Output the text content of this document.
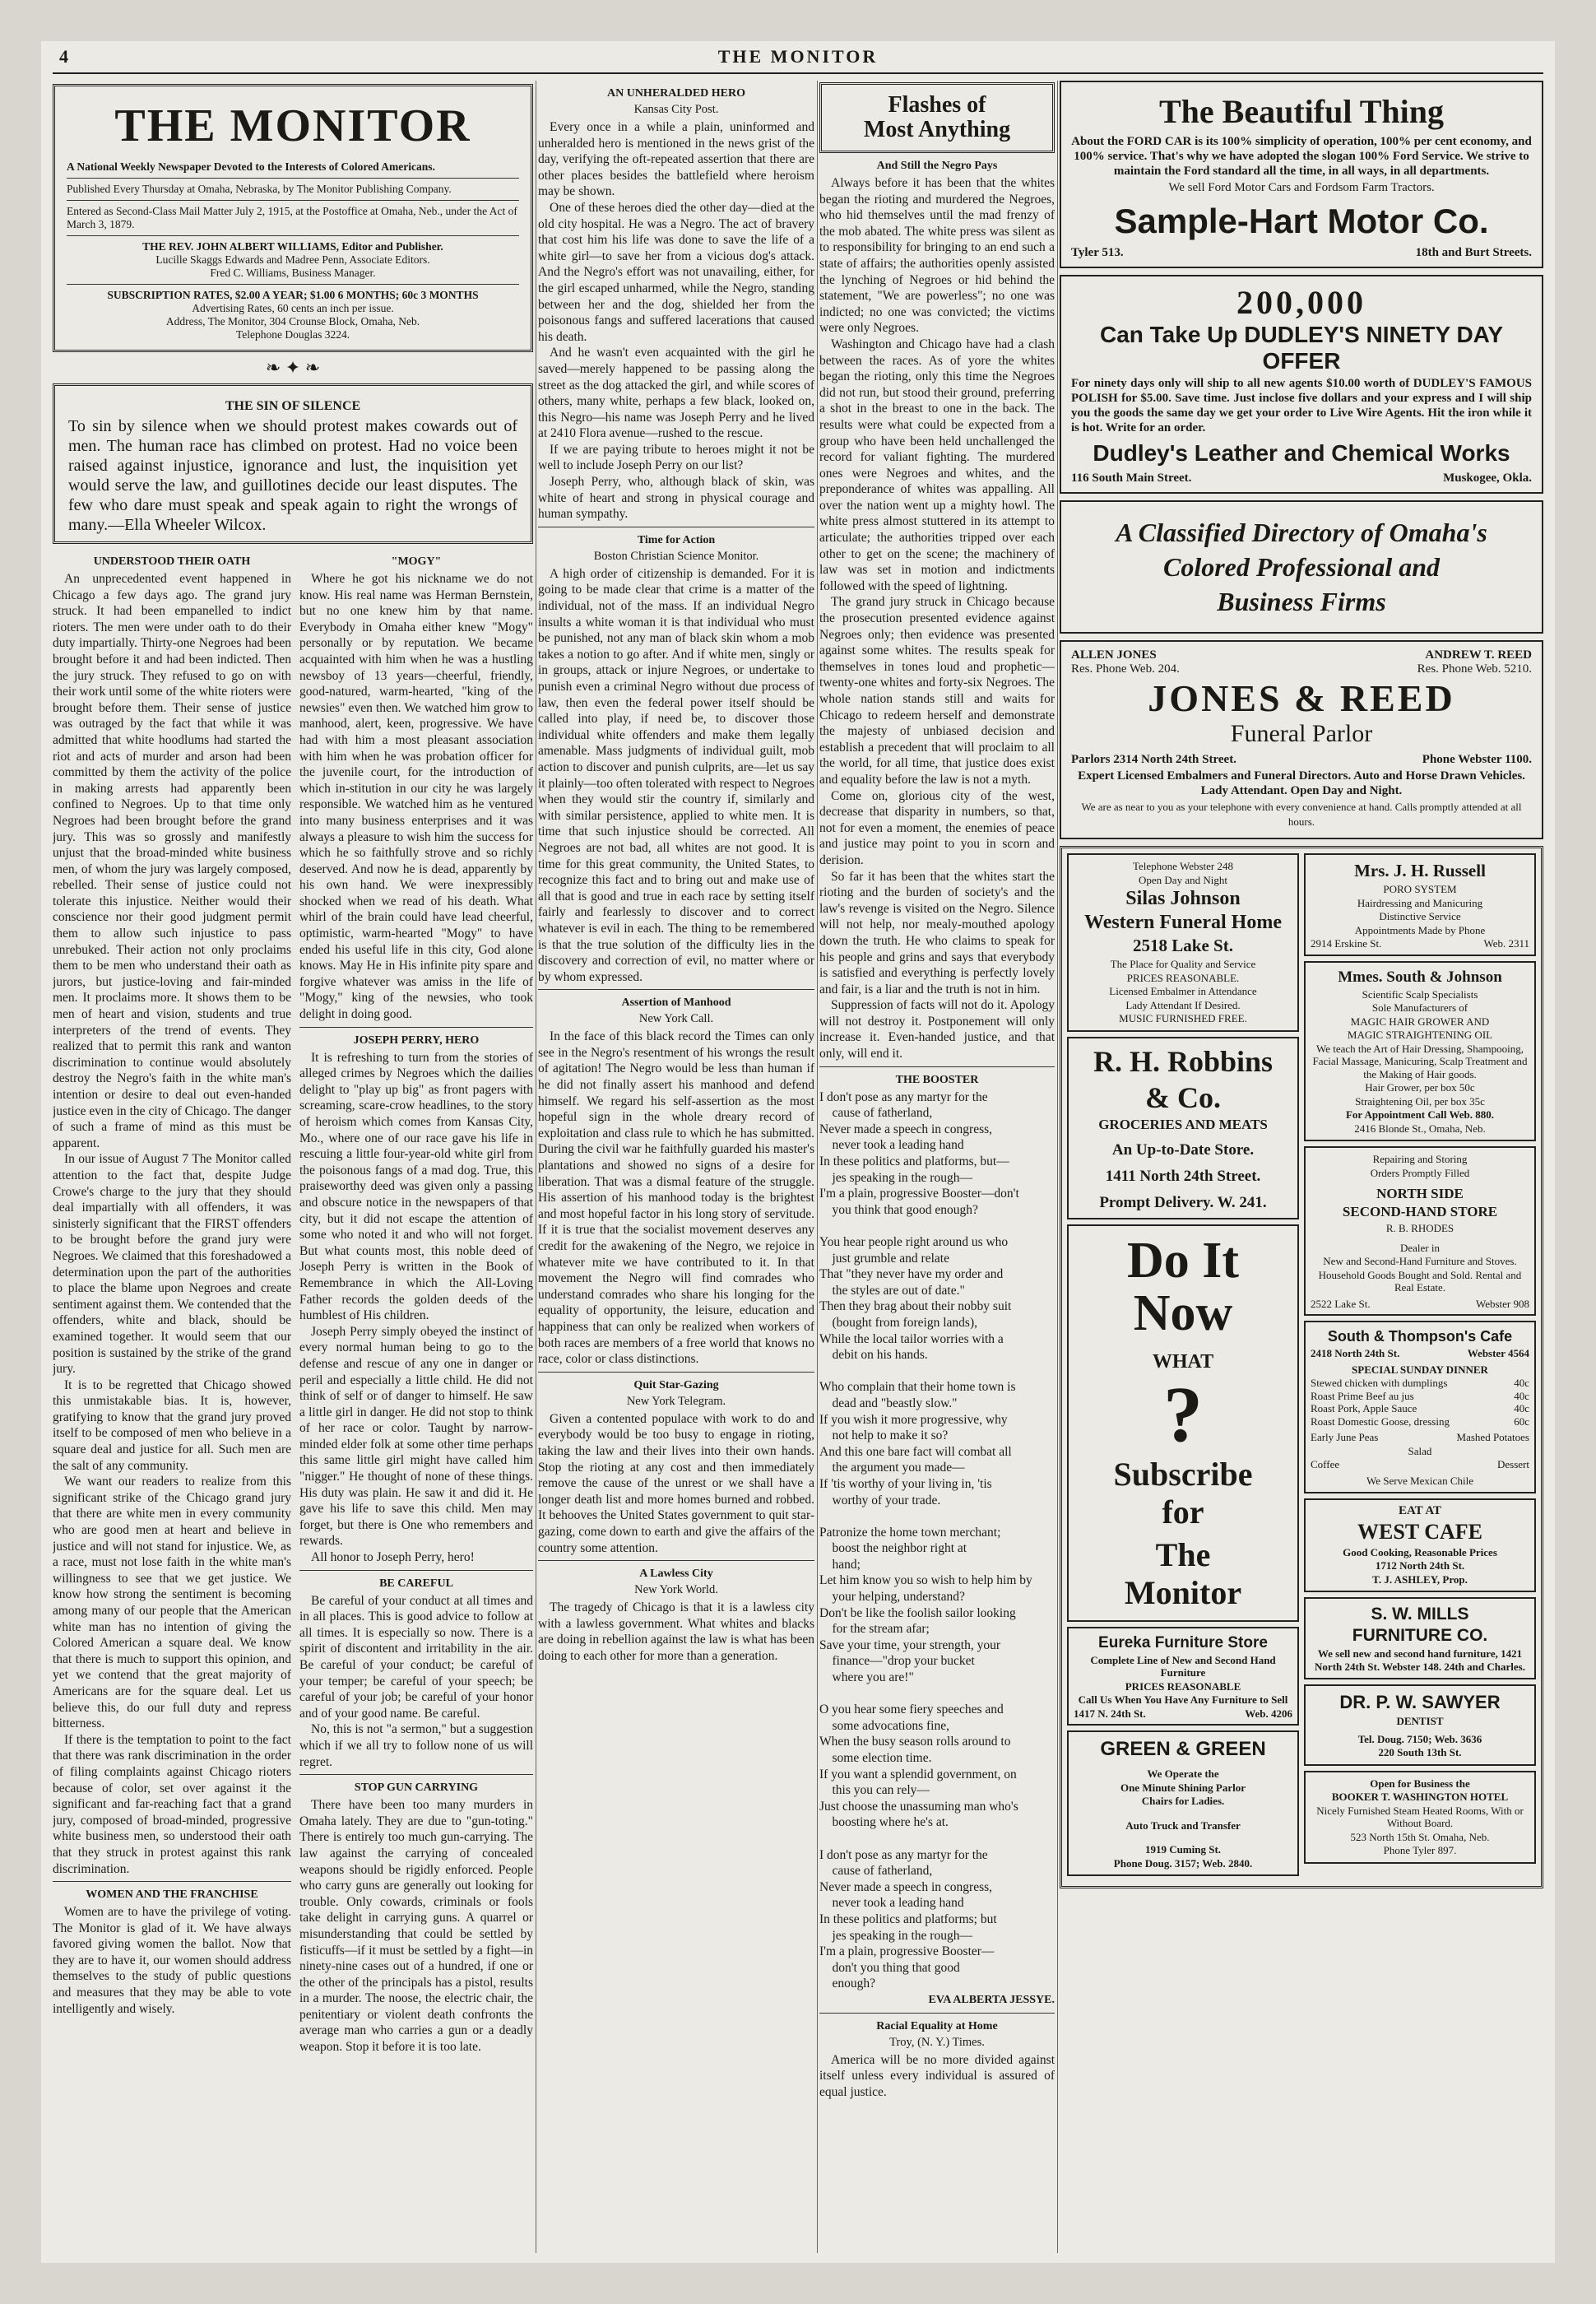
4	THE MONITOR
THE MONITOR

A National Weekly Newspaper Devoted to the Interests of Colored Americans.

Published Every Thursday at Omaha, Nebraska, by The Monitor Publishing Company.

Entered as Second-Class Mail Matter July 2, 1915, at the Postoffice at Omaha, Neb., under the Act of March 3, 1879.

THE REV. JOHN ALBERT WILLIAMS, Editor and Publisher.

Lucille Skaggs Edwards and Madree Penn, Associate Editors.

Fred C. Williams, Business Manager.

SUBSCRIPTION RATES, $2.00 A YEAR; $1.00 6 MONTHS; 60c 3 MONTHS

Advertising Rates, 60 cents an inch per issue.

Address, The Monitor, 304 Crounse Block, Omaha, Neb.

Telephone Douglas 3224.

❧ ✦ ❧
THE SIN OF SILENCE

To sin by silence when we should protest makes cowards out of men. The human race has climbed on protest. Had no voice been raised against injustice, ignorance and lust, the inquisition yet would serve the law, and guillotines decide our least disputes. The few who dare must speak and speak again to right the wrongs of many.—Ella Wheeler Wilcox.

UNDERSTOOD THEIR OATH

An unprecedented event happened in Chicago a few days ago. The grand jury struck. It had been empanelled to indict rioters. The men were under oath to do their duty impartially. Thirty-one Negroes had been brought before it and had been indicted. Then the jury struck. They refused to go on with their work until some of the white rioters were brought before them. Their sense of justice was outraged by the fact that while it was admitted that white hoodlums had started the riot and acts of murder and arson had been committed by them the activity of the police in making arrests had apparently been confined to Negroes. Up to that time only Negroes had been brought before the grand jury. This was so grossly and manifestly unjust that the broad-minded white business men, of whom the jury was largely composed, rebelled. Their sense of justice could not tolerate this injustice. Neither would their conscience nor their good judgment permit them to allow such injustice to pass unrebuked. Their action not only proclaims them to be men who understand their oath as jurors, but justice-loving and fair-minded men. It proclaims more. It shows them to be men of heart and vision, students and true interpreters of the trend of events. They realized that to permit this rank and wanton discrimination to continue would absolutely destroy the Negro's faith in the white man's intention or desire to deal out even-handed justice even in the city of Chicago. The danger of such a frame of mind as this must be apparent.

In our issue of August 7 The Monitor called attention to the fact that, despite Judge Crowe's charge to the jury that they should deal impartially with all offenders, it was sinisterly significant that the FIRST offenders to be brought before the grand jury were Negroes. We claimed that this foreshadowed a determination upon the part of the authorities to place the blame upon Negroes and create sentiment against them. We contended that the offenders, white and black, should be examined together. It would seem that our position is sustained by the strike of the grand jury.

It is to be regretted that Chicago showed this unmistakable bias. It is, however, gratifying to know that the grand jury proved itself to be composed of men who believe in a square deal and justice for all. Such men are the salt of any community.

We want our readers to realize from this significant strike of the Chicago grand jury that there are white men in every community who are good men at heart and believe in justice and will not stand for injustice. We, as a race, must not lose faith in the white man's willingness to see that we get justice. We know how strong the sentiment is becoming among many of our people that the American white man has no intention of giving the Colored American a square deal. We know that there is much to support this opinion, and yet we contend that the great majority of Americans are for the square deal. Let us believe this, do our full duty and repress bitterness.

If there is the temptation to point to the fact that there was rank discrimination in the order of filing complaints against Chicago rioters because of color, set over against it the significant and far-reaching fact that a grand jury, composed of broad-minded, progressive white business men, so understood their oath that they struck in protest against this rank discrimination.

WOMEN AND THE FRANCHISE

Women are to have the privilege of voting. The Monitor is glad of it. We have always favored giving women the ballot. Now that they are to have it, our women should address themselves to the study of public questions and measures that they may be able to vote intelligently and wisely.

"MOGY"

Where he got his nickname we do not know. His real name was Herman Bernstein, but no one knew him by that name. Everybody in Omaha either knew "Mogy" personally or by reputation. We became acquainted with him when he was a hustling newsboy of 13 years—cheerful, friendly, good-natured, warm-hearted, "king of the newsies" even then. We watched him grow to manhood, alert, keen, progressive. We have had with him a most pleasant association with him when he was probation officer for the juvenile court, for the introduction of which in-stitution in our city he was largely responsible. We watched him as he ventured into many business enterprises and it was always a pleasure to wish him the success for which he so faithfully strove and so richly deserved. And now he is dead, apparently by his own hand. We were inexpressibly shocked when we read of his death. What whirl of the brain could have lead cheerful, optimistic, warm-hearted "Mogy" to have ended his useful life in this city, God alone knows. May He in His infinite pity spare and forgive whatever was amiss in the life of "Mogy," king of the newsies, who took delight in doing good.

JOSEPH PERRY, HERO

It is refreshing to turn from the stories of alleged crimes by Negroes which the dailies delight to "play up big" as front pagers with screaming, scare-crow headlines, to the story of heroism which comes from Kansas City, Mo., where one of our race gave his life in rescuing a little four-year-old white girl from the poisonous fangs of a mad dog. True, this praiseworthy deed was given only a passing and obscure notice in the newspapers of that city, but it did not escape the attention of some who noted it and who will not forget. But what counts most, this noble deed of Joseph Perry is written in the Book of Remembrance in which the All-Loving Father records the golden deeds of the humblest of His children.

Joseph Perry simply obeyed the instinct of every normal human being to go to the defense and rescue of any one in danger or peril and especially a little child. He did not think of self or of danger to himself. He saw a little girl in danger. He did not stop to think of her race or color. Taught by narrow-minded elder folk at some other time perhaps this same little girl might have called him "nigger." He thought of none of these things. His duty was plain. He saw it and did it. He gave his life to save this child. Men may forget, but there is One who remembers and rewards.

All honor to Joseph Perry, hero!

BE CAREFUL

Be careful of your conduct at all times and in all places. This is good advice to follow at all times. It is especially so now. There is a spirit of discontent and irritability in the air. Be careful of your conduct; be careful of your temper; be careful of your speech; be careful of your job; be careful of your honor and of your good name. Be careful.

No, this is not "a sermon," but a suggestion which if we all try to follow none of us will regret.

STOP GUN CARRYING

There have been too many murders in Omaha lately. They are due to "gun-toting." There is entirely too much gun-carrying. The law against the carrying of concealed weapons should be rigidly enforced. People who carry guns are generally out looking for trouble. Only cowards, criminals or fools take delight in carrying guns. A quarrel or misunderstanding that could be settled by fisticuffs—if it must be settled by a fight—in ninety-nine cases out of a hundred, if one or the other of the principals has a pistol, results in a murder. The noose, the electric chair, the penitentiary or violent death confronts the average man who carries a gun or a deadly weapon. Stop it before it is too late.

AN UNHERALDED HERO

Kansas City Post.

Every once in a while a plain, uninformed and unheralded hero is mentioned in the news grist of the day, verifying the oft-repeated assertion that there are other places besides the battlefield where heroism may be shown.

One of these heroes died the other day—died at the old city hospital. He was a Negro. The act of bravery that cost him his life was done to save the life of a white girl—to save her from a vicious dog's attack. And the Negro's effort was not unavailing, either, for the girl escaped unharmed, while the Negro, standing between her and the dog, shielded her from the poisonous fangs and suffered lacerations that caused his death.

And he wasn't even acquainted with the girl he saved—merely happened to be passing along the street as the dog attacked the girl, and while scores of others, many white, perhaps a few black, looked on, this Negro—his name was Joseph Perry and he lived at 2410 Flora avenue—rushed to the rescue.

If we are paying tribute to heroes might it not be well to include Joseph Perry on our list?

Joseph Perry, who, although black of skin, was white of heart and strong in physical courage and human sympathy.

Time for Action

Boston Christian Science Monitor.

A high order of citizenship is demanded. For it is going to be made clear that crime is a matter of the individual, not of the mass. If an individual Negro insults a white woman it is that individual who must be punished, not any man of black skin whom a mob takes a notion to go after. And if white men, singly or in groups, attack or injure Negroes, or undertake to punish even a criminal Negro without due process of law, then even the federal power itself should be called into play, if need be, to discover those individual white offenders and make them legally amenable. Mass judgments of individual guilt, mob action to discover and punish culprits, are—let us say it plainly—too often tolerated with respect to Negroes when they would stir the country if, similarly and with similar persistence, applied to white men. It is time that such injustice should be corrected. All Negroes are not bad, all whites are not good. It is time for this great community, the United States, to recognize this fact and to bring out and make use of all that is good and true in each race by setting itself fairly and fearlessly to discover and to correct whatever is evil in each. The thing to be remembered is that the true solution of the difficulty lies in the discovery and correction of evil, no matter where or by whom expressed.

Assertion of Manhood

New York Call.

In the face of this black record the Times can only see in the Negro's resentment of his wrongs the result of agitation! The Negro would be less than human if he did not finally assert his manhood and defend himself. We regard his self-assertion as the most hopeful sign in the whole dreary record of exploitation and class rule to which he has submitted. During the civil war he faithfully guarded his master's plantations and showed no signs of a desire for liberation. That was a dismal feature of the struggle. His assertion of his manhood today is the brightest and most hopeful factor in his long story of servitude. If it is true that the socialist movement deserves any credit for the awakening of the Negro, we rejoice in whatever mite we have contributed to it. In that movement the Negro will find comrades who understand comrades who share his longing for the equality of opportunity, the leisure, education and happiness that can only be realized when workers of both races are members of a free world that knows no race, color or class distinctions.

Quit Star-Gazing

New York Telegram.

Given a contented populace with work to do and everybody would be too busy to engage in rioting, taking the law and their lives into their own hands. Stop the rioting at any cost and then immediately remove the cause of the unrest or we shall have a longer death list and more homes burned and robbed. It behooves the United States government to quit star-gazing, come down to earth and give the affairs of the country some attention.

A Lawless City

New York World.

The tragedy of Chicago is that it is a lawless city with a lawless government. What whites and blacks are doing in rebellion against the law is what has been doing to each other for more than a generation.

Flashes of
Most Anything
And Still the Negro Pays

Always before it has been that the whites began the rioting and murdered the Negroes, who hid themselves until the mad frenzy of the mob abated. The white press was silent as to responsibility for bringing to an end such a state of affairs; the authorities openly assisted the lynching of Negroes or hid behind the statement, "We are powerless"; no one was indicted; no one was convicted; the victims were only Negroes.

Washington and Chicago have had a clash between the races. As of yore the whites began the rioting, only this time the Negroes did not run, but stood their ground, preferring a shot in the breast to one in the back. The results were what could be expected from a group who have been held unchallenged the record for valiant fighting. The murdered ones were Negroes and whites, and the preponderance of whites was appalling. All over the nation went up a mighty howl. The white press almost stuttered in its attempt to articulate; the authorities tripped over each other to get on the scene; the machinery of law was set in motion and indictments followed with the speed of lightning.

The grand jury struck in Chicago because the prosecution presented evidence against Negroes only; then evidence was presented against some whites. The results speak for themselves in tones loud and prophetic—twenty-one whites and forty-six Negroes. The whole nation stands still and waits for Chicago to redeem herself and demonstrate the majesty of unbiased decision and establish a precedent that will proclaim to all the world, for all time, that justice does exist and equality before the law is not a myth.

Come on, glorious city of the west, decrease that disparity in numbers, so that, not for even a moment, the enemies of peace and justice may point to you in scorn and derision.

So far it has been that the whites start the rioting and the burden of society's and the law's revenge is visited on the Negro. Silence will not help, nor mealy-mouthed apology down the truth. He who claims to speak for his people and grins and says that everybody is satisfied and everything is perfectly lovely and fair, is a liar and the truth is not in him.

Suppression of facts will not do it. Apology will not destroy it. Postponement will only increase it. Even-handed justice, and that only, will end it.

THE BOOSTER

I don't pose as any martyr for the
cause of fatherland,
Never made a speech in congress,
never took a leading hand
In these politics and platforms, but—
jes speaking in the rough—
I'm a plain, progressive Booster—don't
you think that good enough?

You hear people right around us who
just grumble and relate
That "they never have my order and
the styles are out of date."
Then they brag about their nobby suit
(bought from foreign lands),
While the local tailor worries with a
debit on his hands.

Who complain that their home town is
dead and "beastly slow."
If you wish it more progressive, why
not help to make it so?
And this one bare fact will combat all
the argument you made—
If 'tis worthy of your living in, 'tis
worthy of your trade.

Patronize the home town merchant;
boost the neighbor right at
hand;
Let him know you so wish to help him by
your helping, understand?
Don't be like the foolish sailor looking
for the stream afar;
Save your time, your strength, your
finance—"drop your bucket
where you are!"

O you hear some fiery speeches and
some advocations fine,
When the busy season rolls around to
some election time.
If you want a splendid government, on
this you can rely—
Just choose the unassuming man who's
boosting where he's at.

I don't pose as any martyr for the
cause of fatherland,
Never made a speech in congress,
never took a leading hand
In these politics and platforms; but
jes speaking in the rough—
I'm a plain, progressive Booster—
don't you thing that good
enough?

EVA ALBERTA JESSYE.

Racial Equality at Home

Troy, (N. Y.) Times.

America will be no more divided against itself unless every individual is assured of equal justice.

The Beautiful Thing

About the FORD CAR is its 100% simplicity of operation, 100% per cent economy, and 100% service. That's why we have adopted the slogan 100% Ford Service. We strive to maintain the Ford standard all the time, in all ways, in all departments.

We sell Ford Motor Cars and Fordsom Farm Tractors.

Sample-Hart Motor Co.
Tyler 513.	18th and Burt Streets.
200,000
Can Take Up DUDLEY'S NINETY DAY OFFER

For ninety days only will ship to all new agents $10.00 worth of DUDLEY'S FAMOUS POLISH for $5.00. Save time. Just inclose five dollars and your express and I will ship you the goods the same day we get your order to Live Wire Agents. Hit the iron while it is hot. Write for an order.

Dudley's Leather and Chemical Works
116 South Main Street.	Muskogee, Okla.
A Classified Directory of Omaha's
Colored Professional and
Business Firms
ALLEN JONES	ANDREW T. REED
Res. Phone Web. 204.	Res. Phone Web. 5210.
JONES & REED
Funeral Parlor
Parlors 2314 North 24th Street.	Phone Webster 1100.

Expert Licensed Embalmers and Funeral Directors. Auto and Horse Drawn Vehicles. Lady Attendant. Open Day and Night.

We are as near to you as your telephone with every convenience at hand. Calls promptly attended at all hours.

Telephone Webster 248

Open Day and Night

Silas Johnson
Western Funeral Home
2518 Lake St.

The Place for Quality and Service

PRICES REASONABLE.

Licensed Embalmer in Attendance

Lady Attendant If Desired.

MUSIC FURNISHED FREE.

R. H. Robbins
& Co.
GROCERIES AND MEATS
An Up-to-Date Store.
1411 North 24th Street.
Prompt Delivery. W. 241.
Do It
Now
WHAT
?
Subscribe
for
The
Monitor
Eureka Furniture Store

Complete Line of New and Second Hand Furniture

PRICES REASONABLE

Call Us When You Have Any Furniture to Sell

1417 N. 24th St.	Web. 4206
GREEN & GREEN

We Operate the

One Minute Shining Parlor

Chairs for Ladies.

Auto Truck and Transfer

1919 Cuming St.

Phone Doug. 3157; Web. 2840.

Mrs. J. H. Russell

PORO SYSTEM

Hairdressing and Manicuring

Distinctive Service

Appointments Made by Phone

2914 Erskine St.	Web. 2311
Mmes. South & Johnson

Scientific Scalp Specialists

Sole Manufacturers of

MAGIC HAIR GROWER AND

MAGIC STRAIGHTENING OIL

We teach the Art of Hair Dressing, Shampooing, Facial Massage, Manicuring, Scalp Treatment and the Making of Hair goods.

Hair Grower, per box 50c

Straightening Oil, per box 35c

For Appointment Call Web. 880.

2416 Blonde St., Omaha, Neb.

Repairing and Storing

Orders Promptly Filled

NORTH SIDE
SECOND-HAND STORE

R. B. RHODES

Dealer in

New and Second-Hand Furniture and Stoves.

Household Goods Bought and Sold. Rental and Real Estate.

2522 Lake St.	Webster 908
South & Thompson's Cafe
2418 North 24th St.	Webster 4564

SPECIAL SUNDAY DINNER

Stewed chicken with dumplings	40c
Roast Prime Beef au jus	40c
Roast Pork, Apple Sauce	40c
Roast Domestic Goose, dressing	60c
Early June Peas	Mashed Potatoes

Salad

Coffee	Dessert

We Serve Mexican Chile

EAT AT

WEST CAFE

Good Cooking, Reasonable Prices

1712 North 24th St.

T. J. ASHLEY, Prop.

S. W. MILLS
FURNITURE CO.

We sell new and second hand furniture, 1421 North 24th St. Webster 148. 24th and Charles.

DR. P. W. SAWYER

DENTIST

Tel. Doug. 7150; Web. 3636

220 South 13th St.

Open for Business the

BOOKER T. WASHINGTON HOTEL

Nicely Furnished Steam Heated Rooms, With or Without Board.

523 North 15th St. Omaha, Neb.

Phone Tyler 897.
